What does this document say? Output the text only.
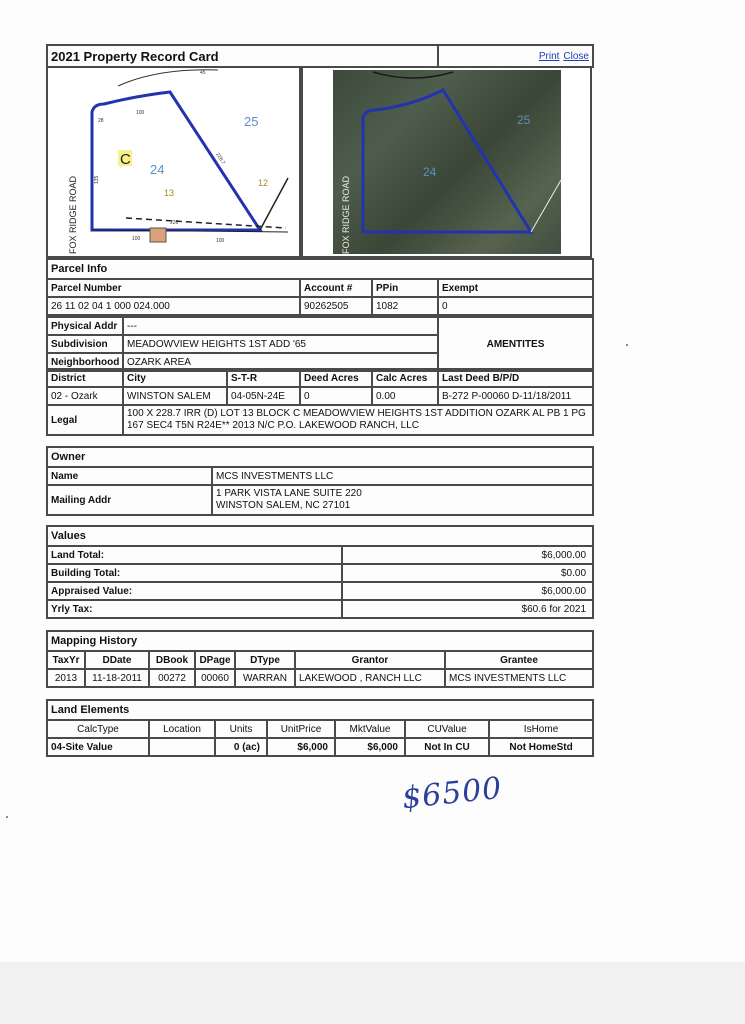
2021 Property Record Card	Print Close
C
25
24
13
12
100
228.7
135
100
226
100
28
45
FOX RIDGE ROAD
24
25
FOX RIDGE ROAD
Parcel Info			
Parcel Number	Account #	PPin	Exempt
26 11 02 04 1 000 024.000	90262505	1082	0
Physical Addr	---	AMENTITES
Subdivision	MEADOWVIEW HEIGHTS 1ST ADD '65	
Neighborhood	OZARK AREA	
District	City	S-T-R	Deed Acres	Calc Acres	Last Deed B/P/D
02 - Ozark	WINSTON SALEM	04-05N-24E	0	0.00	B-272 P-00060 D-11/18/2011
Legal	100 X 228.7 IRR (D) LOT 13 BLOCK C MEADOWVIEW HEIGHTS 1ST ADDITION OZARK AL PB 1 PG 167 SEC4 T5N R24E** 2013 N/C P.O. LAKEWOOD RANCH, LLC				
Owner	
Name	MCS INVESTMENTS LLC
Mailing Addr	1 PARK VISTA LANE SUITE 220
WINSTON SALEM, NC 27101
Values	
Land Total:	$6,000.00
Building Total:	$0.00
Appraised Value:	$6,000.00
Yrly Tax:	$60.6 for 2021
Mapping History						
TaxYr	DDate	DBook	DPage	DType	Grantor	Grantee
2013	11-18-2011	00272	00060	WARRAN	LAKEWOOD , RANCH LLC	MCS INVESTMENTS LLC
Land Elements						
CalcType	Location	Units	UnitPrice	MktValue	CUValue	IsHome
04-Site Value		0 (ac)	$6,000	$6,000	Not In CU	Not HomeStd
$6500
